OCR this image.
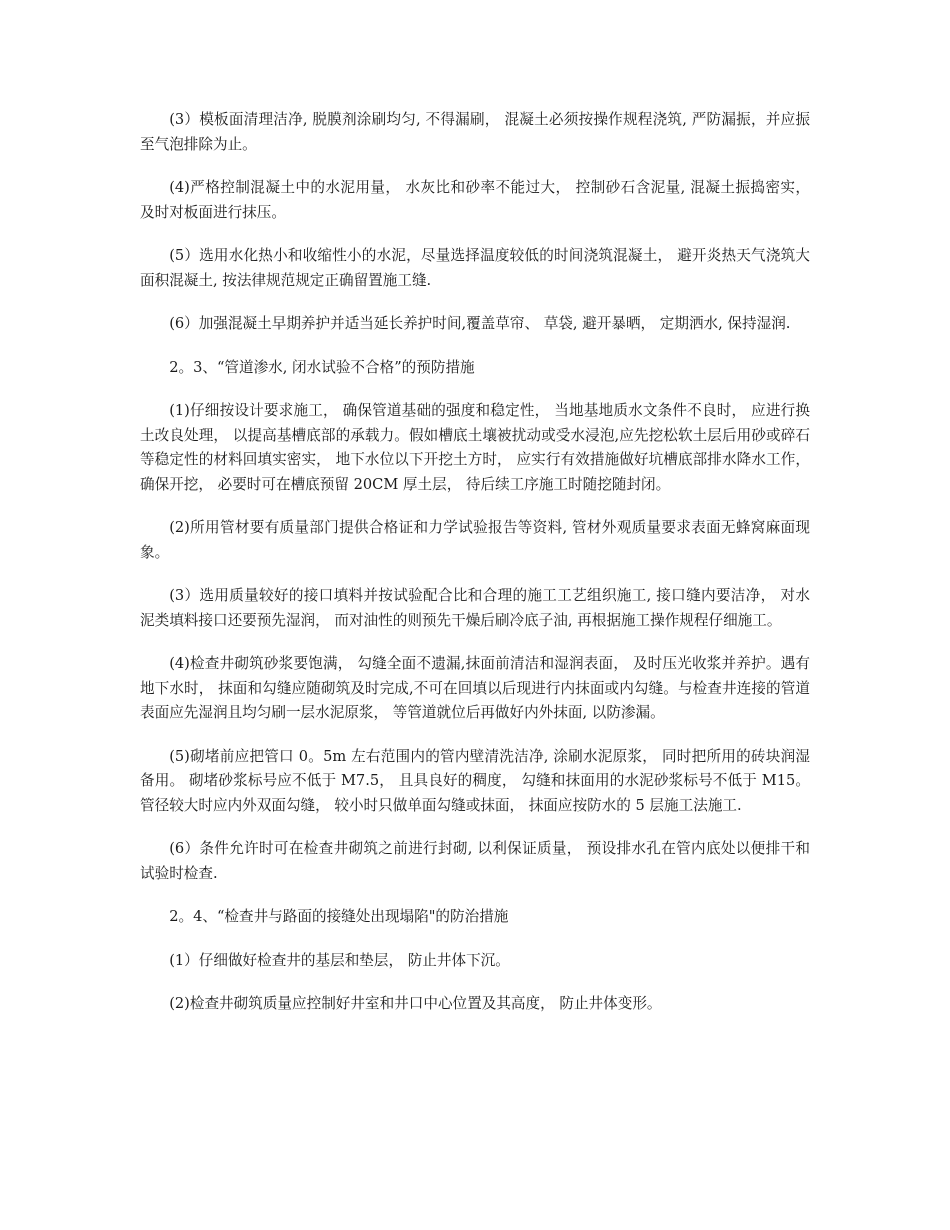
(3）模板面清理洁净, 脱膜剂涂刷均匀, 不得漏刷， 混凝土必须按操作规程浇筑, 严防漏振，并应振至气泡排除为止。

(4)严格控制混凝土中的水泥用量， 水灰比和砂率不能过大， 控制砂石含泥量, 混凝土振捣密实， 及时对板面进行抹压。

(5）选用水化热小和收缩性小的水泥，尽量选择温度较低的时间浇筑混凝土， 避开炎热天气浇筑大面积混凝土, 按法律规范规定正确留置施工缝.

(6）加强混凝土早期养护并适当延长养护时间,覆盖草帘、 草袋, 避开暴晒， 定期洒水, 保持湿润.

2。3、“管道渗水, 闭水试验不合格”的预防措施

(1)仔细按设计要求施工， 确保管道基础的强度和稳定性， 当地基地质水文条件不良时， 应进行换土改良处理， 以提高基槽底部的承载力。假如槽底土壤被扰动或受水浸泡,应先挖松软土层后用砂或碎石等稳定性的材料回填实密实， 地下水位以下开挖土方时， 应实行有效措施做好坑槽底部排水降水工作， 确保开挖， 必要时可在槽底预留 20CM 厚土层， 待后续工序施工时随挖随封闭。

(2)所用管材要有质量部门提供合格证和力学试验报告等资料, 管材外观质量要求表面无蜂窝麻面现象。

(3）选用质量较好的接口填料并按试验配合比和合理的施工工艺组织施工, 接口缝内要洁净， 对水泥类填料接口还要预先湿润， 而对油性的则预先干燥后刷冷底子油, 再根据施工操作规程仔细施工。

(4)检查井砌筑砂浆要饱满， 勾缝全面不遗漏,抹面前清洁和湿润表面， 及时压光收浆并养护。遇有地下水时， 抹面和勾缝应随砌筑及时完成,不可在回填以后现进行内抹面或内勾缝。与检查井连接的管道表面应先湿润且均匀刷一层水泥原浆， 等管道就位后再做好内外抹面, 以防渗漏。

(5)砌堵前应把管口 0。5m 左右范围内的管内壁清洗洁净, 涂刷水泥原浆， 同时把所用的砖块润湿备用。 砌堵砂浆标号应不低于 M7.5， 且具良好的稠度， 勾缝和抹面用的水泥砂浆标号不低于 M15。管径较大时应内外双面勾缝， 较小时只做单面勾缝或抹面， 抹面应按防水的 5 层施工法施工.

(6）条件允许时可在检查井砌筑之前进行封砌, 以利保证质量， 预设排水孔在管内底处以便排干和试验时检查.

2。4、“检查井与路面的接缝处出现塌陷"的防治措施

(1）仔细做好检查井的基层和垫层， 防止井体下沉。

(2)检查井砌筑质量应控制好井室和井口中心位置及其高度， 防止井体变形。
